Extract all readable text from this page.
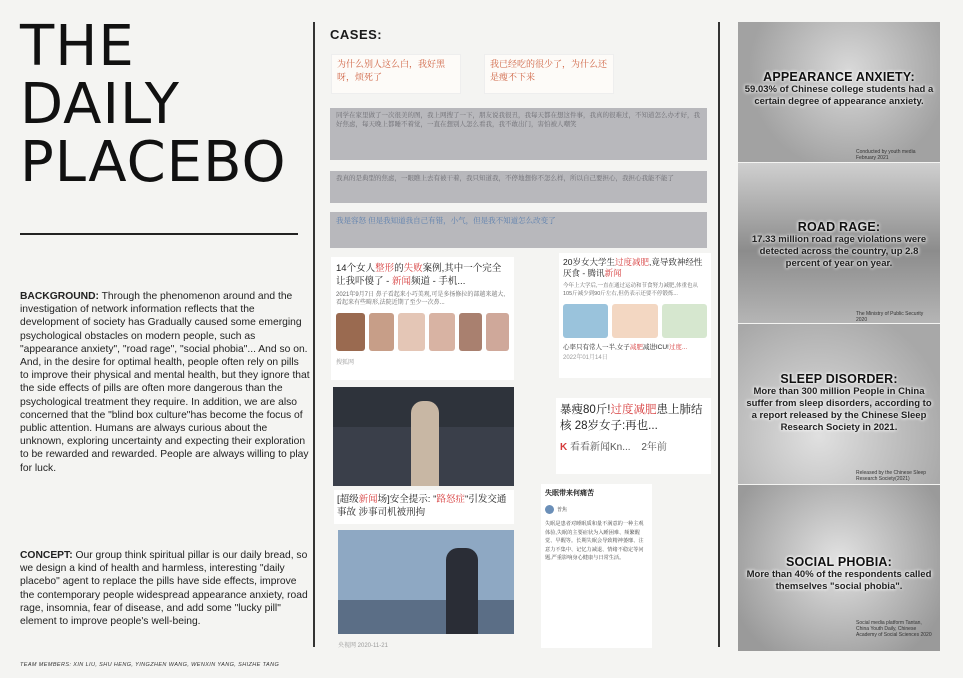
THE
DAILY
PLACEBO
BACKGROUND: Through the phenomenon around and the investigation of network information reflects that the development of society has Gradually caused some emerging psychological obstacles on modern people, such as "appearance anxiety", "road rage", "social phobia"... And so on. And, in the desire for optimal health, people often rely on pills to improve their physical and mental health, but they ignore that the side effects of pills are often more dangerous than the psychological treatment they require. In addition, we are also concerned that the "blind box culture"has become the focus of public attention. Humans are always curious about the unknown, exploring uncertainty and expecting their exploration to be rewarded and rewarded. People are always willing to play for luck.
CONCEPT: Our group think spiritual pillar is our daily bread, so we design a kind of health and harmless, interesting "daily placebo" agent to replace the pills have side effects, improve the contemporary people widespread appearance anxiety, road rage, insomnia, fear of disease, and add some "lucky pill" element to improve people's well-being.
TEAM MEMBERS: XIN LIU, SHU HENG, YINGZHEN WANG, WENXIN YANG, SHIZHE TANG
CASES:
为什么别人这么白，我好黑呀，烦死了
我已经吃的很少了，为什么还是瘦不下来
同学在家里做了一次很美的图，我上网搜了一下，朋友说我很丑，我每天都在想这件事，我真的很难过，不知道怎么办才好，我好焦虑，每天晚上都睡不着觉，一直在想别人怎么看我，我不敢出门，害怕被人嘲笑
我真的是典型的焦虑，一眼瞧上去有被干着，我只知道我，不停地想你不怎么样，所以自己要担心，我担心我能不能了
我是容怒 但是我知道我自己有错，小气，但是我不知道怎么改变了
14个女人整形的失败案例,其中一个完全让我吓傻了 - 新闻频道 - 手机...
2021年9月7日 鼻子看起来小巧美观,可是多扬修拉的部越来越大,看起来有些畸形,法院近期了至少一次鼻...
搜狐网
20岁女大学生过度减肥,竟导致神经性厌食 - 腾讯新闻
今年上大学后,一直在通过运动和节食努力减肥,体重也从105斤减少到90斤左右,但仍表示还要不停锻炼...
心率只有常人一半,女子减肥减进ICU!过度...
2022年01月14日
暴瘦80斤!过度减肥患上肺结核 28岁女子:再也...
K 看看新闻Kn... 2年前
[超级新闻场]安全提示: "路怒症"引发交通事故 涉事司机被刑拘
央视网 2020-11-21
失眠带来何痛苦
普焦
失眠是患者对睡眠质和量不满意的一种主观体验,失眠的主要症状为入睡困难、频繁醒觉、早醒等。长期失眠会导致精神萎靡、注意力不集中、记忆力减退、情绪不稳定等问题,严重影响身心健康与日常生活。
APPEARANCE ANXIETY:
59.03% of Chinese college students had a certain degree of appearance anxiety.
Conducted by youth media February 2021
ROAD RAGE:
17.33 million road rage violations were detected across the country, up 2.8 percent of year on year.
The Ministry of Public Security 2020
SLEEP DISORDER:
More than 300 million People in China suffer from sleep disorders, according to a report released by the Chinese Sleep Research Society in 2021.
Released by the Chinese Sleep Research Society(2021)
SOCIAL PHOBIA:
More than 40% of the respondents called themselves "social phobia".
Social media platform Tantan, China Youth Daily, Chinese Academy of Social Sciences 2020
